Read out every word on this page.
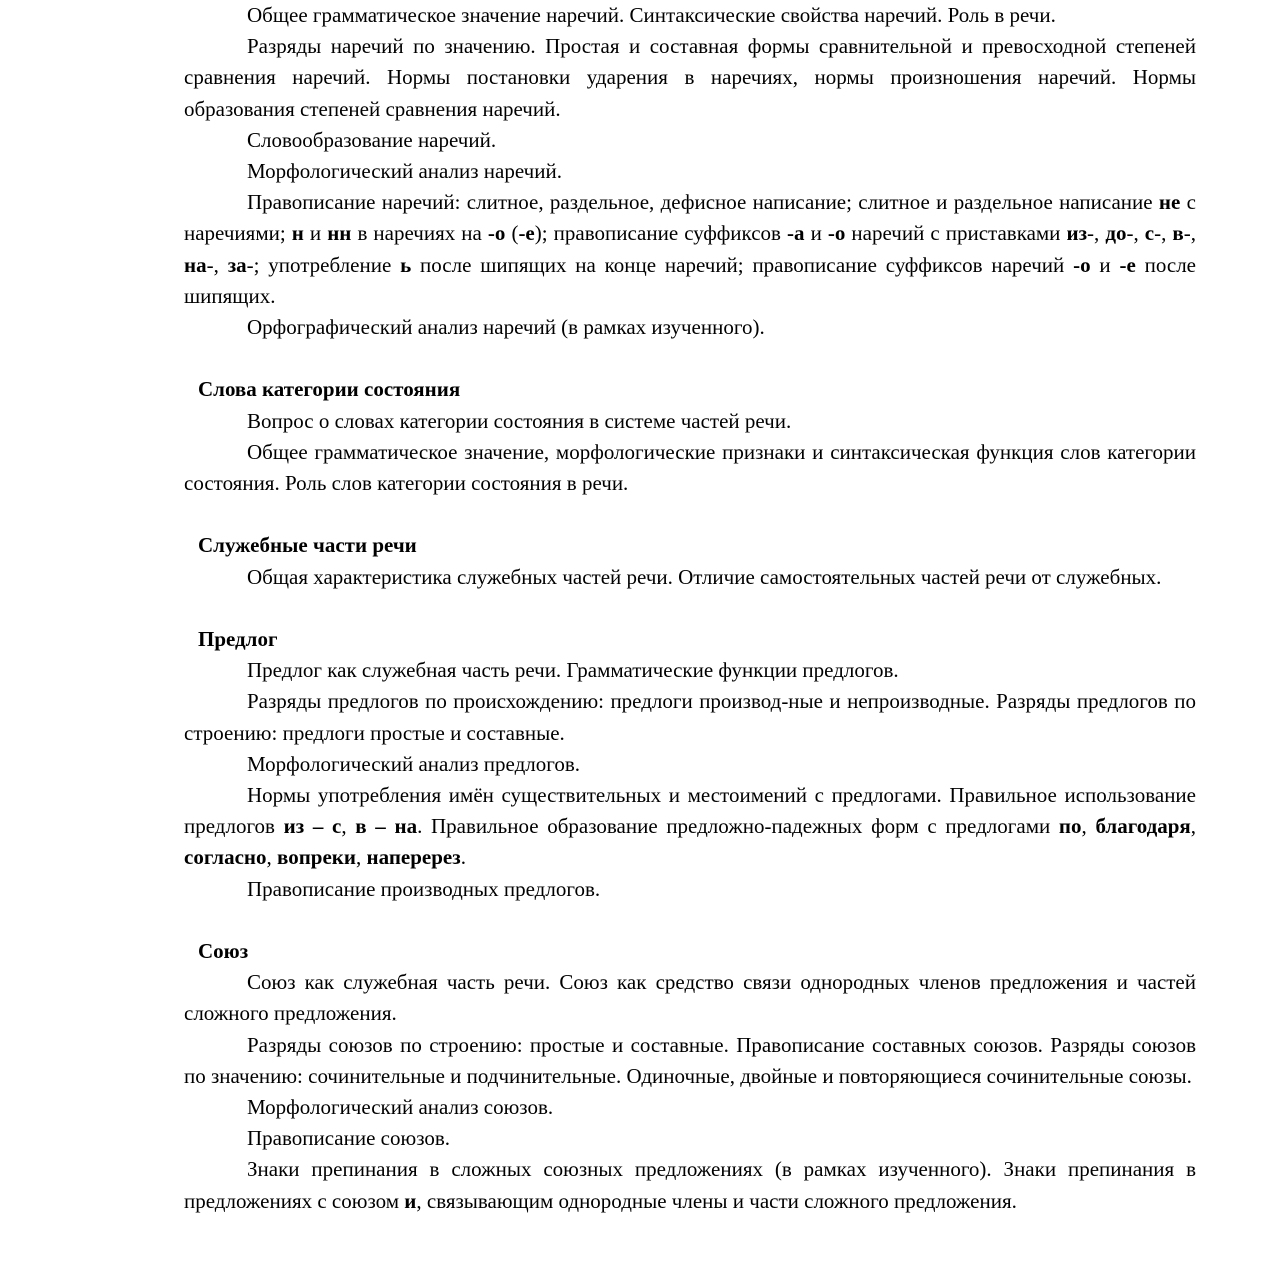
Общее грамматическое значение наречий. Синтаксические свойства наречий. Роль в речи.

Разряды наречий по значению. Простая и составная формы сравнительной и превосходной степеней сравнения наречий. Нормы постановки ударения в наречиях, нормы произношения наречий. Нормы образования степеней сравнения наречий.

Словообразование наречий.

Морфологический анализ наречий.

Правописание наречий: слитное, раздельное, дефисное написание; слитное и раздельное написание не с наречиями; н и нн в наречиях на -о (-е); правописание суффиксов -а и -о наречий с приставками из-, до-, с-, в-, на-, за-; употребление ь после шипящих на конце наречий; правописание суффиксов наречий -о и -е после шипящих.

Орфографический анализ наречий (в рамках изученного).

Слова категории состояния

Вопрос о словах категории состояния в системе частей речи.

Общее грамматическое значение, морфологические признаки и синтаксическая функция слов категории состояния. Роль слов категории состояния в речи.

Служебные части речи

Общая характеристика служебных частей речи. Отличие самостоятельных частей речи от служебных.

Предлог

Предлог как служебная часть речи. Грамматические функции предлогов.

Разряды предлогов по происхождению: предлоги производ-ные и непроизводные. Разряды предлогов по строению: предлоги простые и составные.

Морфологический анализ предлогов.

Нормы употребления имён существительных и местоимений с предлогами. Правильное использование предлогов из – с, в – на. Правильное образование предложно-падежных форм с предлогами по, благодаря, согласно, вопреки, наперерез.

Правописание производных предлогов.

Союз

Союз как служебная часть речи. Союз как средство связи однородных членов предложения и частей сложного предложения.

Разряды союзов по строению: простые и составные. Правописание составных союзов. Разряды союзов по значению: сочинительные и подчинительные. Одиночные, двойные и повторяющиеся сочинительные союзы.

Морфологический анализ союзов.

Правописание союзов.

Знаки препинания в сложных союзных предложениях (в рамках изученного). Знаки препинания в предложениях с союзом и, связывающим однородные члены и части сложного предложения.
